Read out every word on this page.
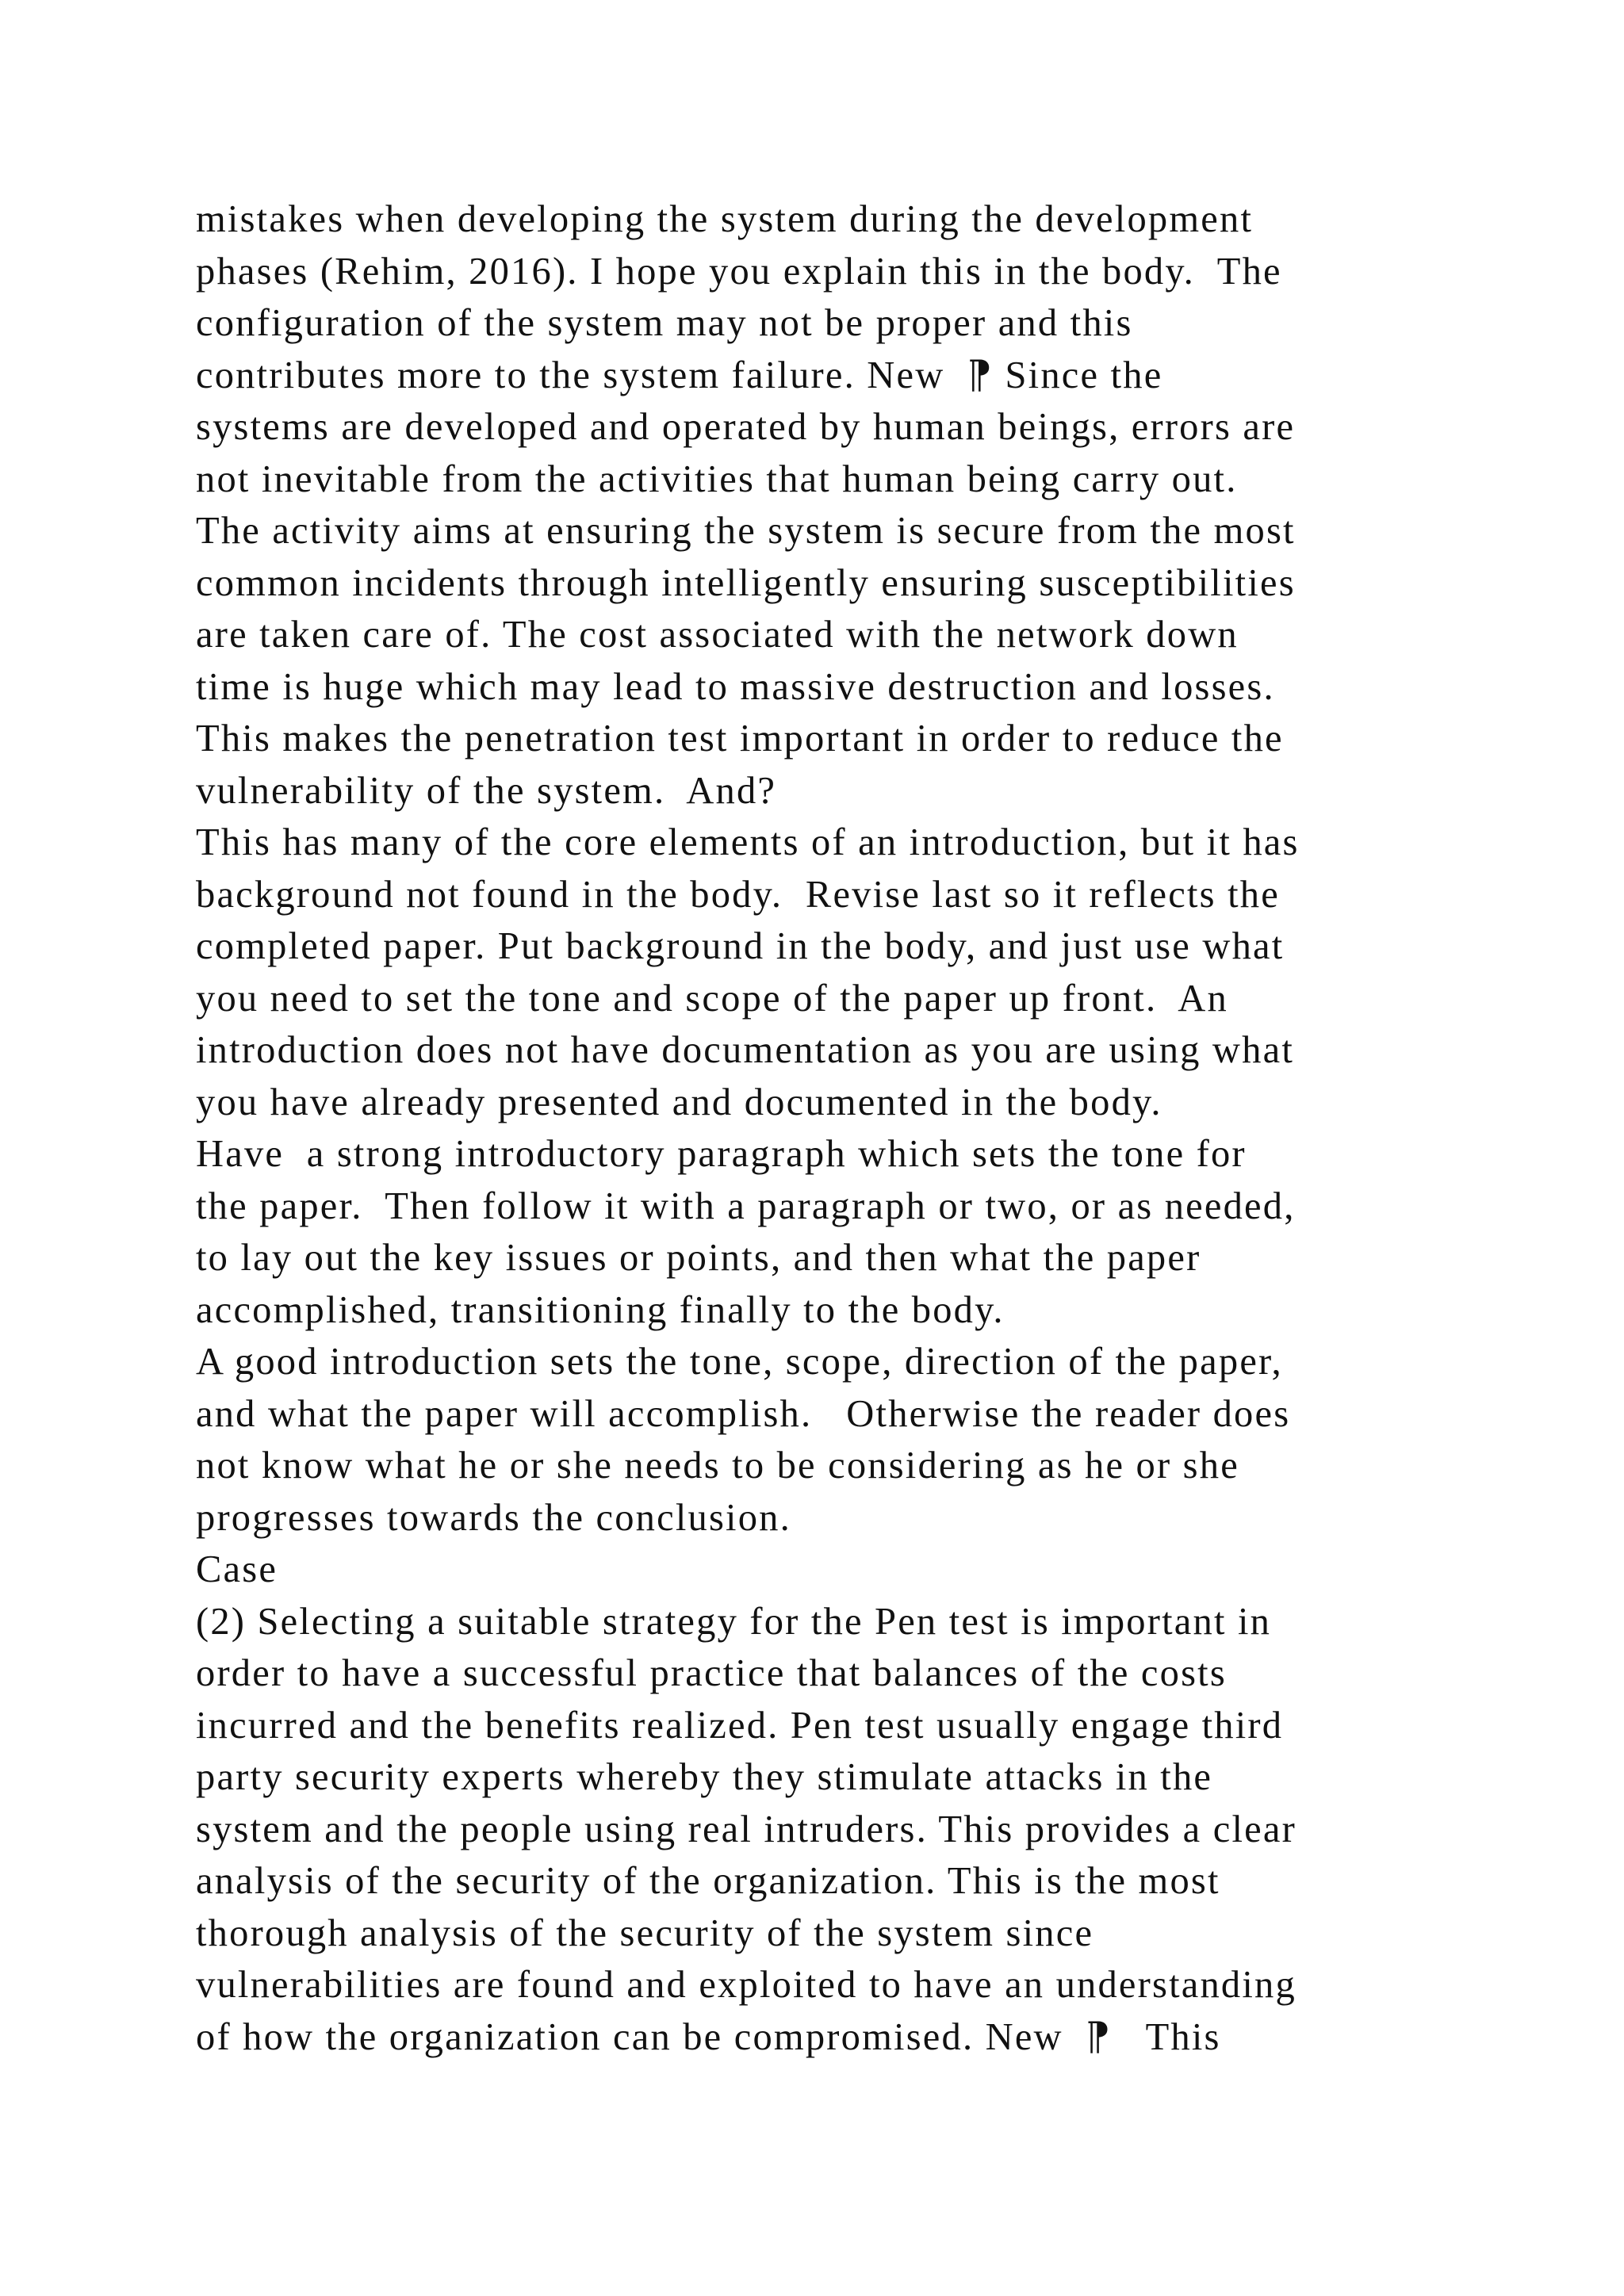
mistakes when developing the system during the development
phases (Rehim, 2016). I hope you explain this in the body.  The
configuration of the system may not be proper and this
contributes more to the system failure. New  ⁋ Since the
systems are developed and operated by human beings, errors are
not inevitable from the activities that human being carry out.
The activity aims at ensuring the system is secure from the most
common incidents through intelligently ensuring susceptibilities
are taken care of. The cost associated with the network down
time is huge which may lead to massive destruction and losses.
This makes the penetration test important in order to reduce the
vulnerability of the system.  And?
This has many of the core elements of an introduction, but it has
background not found in the body.  Revise last so it reflects the
completed paper. Put background in the body, and just use what
you need to set the tone and scope of the paper up front.  An
introduction does not have documentation as you are using what
you have already presented and documented in the body.
Have  a strong introductory paragraph which sets the tone for
the paper.  Then follow it with a paragraph or two, or as needed,
to lay out the key issues or points, and then what the paper
accomplished, transitioning finally to the body.
A good introduction sets the tone, scope, direction of the paper,
and what the paper will accomplish.   Otherwise the reader does
not know what he or she needs to be considering as he or she
progresses towards the conclusion.
Case
(2) Selecting a suitable strategy for the Pen test is important in
order to have a successful practice that balances of the costs
incurred and the benefits realized. Pen test usually engage third
party security experts whereby they stimulate attacks in the
system and the people using real intruders. This provides a clear
analysis of the security of the organization. This is the most
thorough analysis of the security of the system since
vulnerabilities are found and exploited to have an understanding
of how the organization can be compromised. New  ⁋   This
